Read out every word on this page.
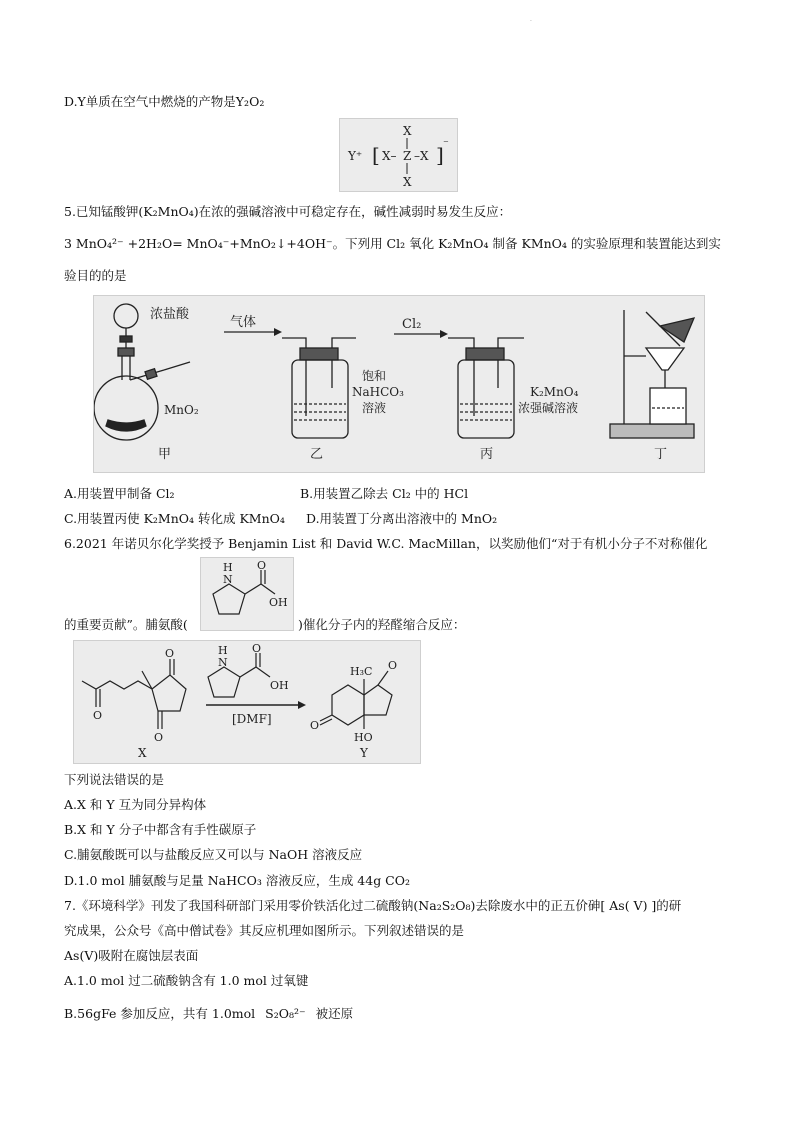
·
D.Y单质在空气中燃烧的产物是Y₂O₂
Y⁺ [ X– Z –X ] ⁻
X
X
5.已知锰酸钾(K₂MnO₄)在浓的强碱溶液中可稳定存在，碱性减弱时易发生反应：
3 MnO₄²⁻ +2H₂O= MnO₄⁻+MnO₂↓+4OH⁻。下列用 Cl₂ 氧化 K₂MnO₄ 制备 KMnO₄ 的实验原理和装置能达到实
验目的的是
浓盐酸
MnO₂
甲
气体
饱和
NaHCO₃
溶液
乙
Cl₂
K₂MnO₄
浓强碱溶液
丙	丁
A.用装置甲制备 Cl₂	B.用装置乙除去 Cl₂ 中的 HCl
C.用装置丙使 K₂MnO₄ 转化成 KMnO₄ D.用装置丁分离出溶液中的 MnO₂
6.2021 年诺贝尔化学奖授予 Benjamin List 和 David W.C. MacMillan，以奖励他们“对于有机小分子不对称催化
H
N
O
OH
的重要贡献”。脯氨酸(	)催化分子内的羟醛缩合反应：
O
O
O
X
H
N
O
OH
[DMF]
H₃C O
O
HO
Y
下列说法错误的是
A.X 和 Y 互为同分异构体
B.X 和 Y 分子中都含有手性碳原子
C.脯氨酸既可以与盐酸反应又可以与 NaOH 溶液反应
D.1.0 mol 脯氨酸与足量 NaHCO₃ 溶液反应，生成 44g CO₂
7.《环境科学》刊发了我国科研部门采用零价铁活化过二硫酸钠(Na₂S₂O₈)去除废水中的正五价砷[ As( V) ]的研
究成果，公众号《高中僧试卷》其反应机理如图所示。下列叙述错误的是
As(V)吸附在腐蚀层表面
A.1.0 mol 过二硫酸钠含有 1.0 mol 过氧键
B.56gFe 参加反应，共有 1.0mol S₂O₈²⁻ 被还原
